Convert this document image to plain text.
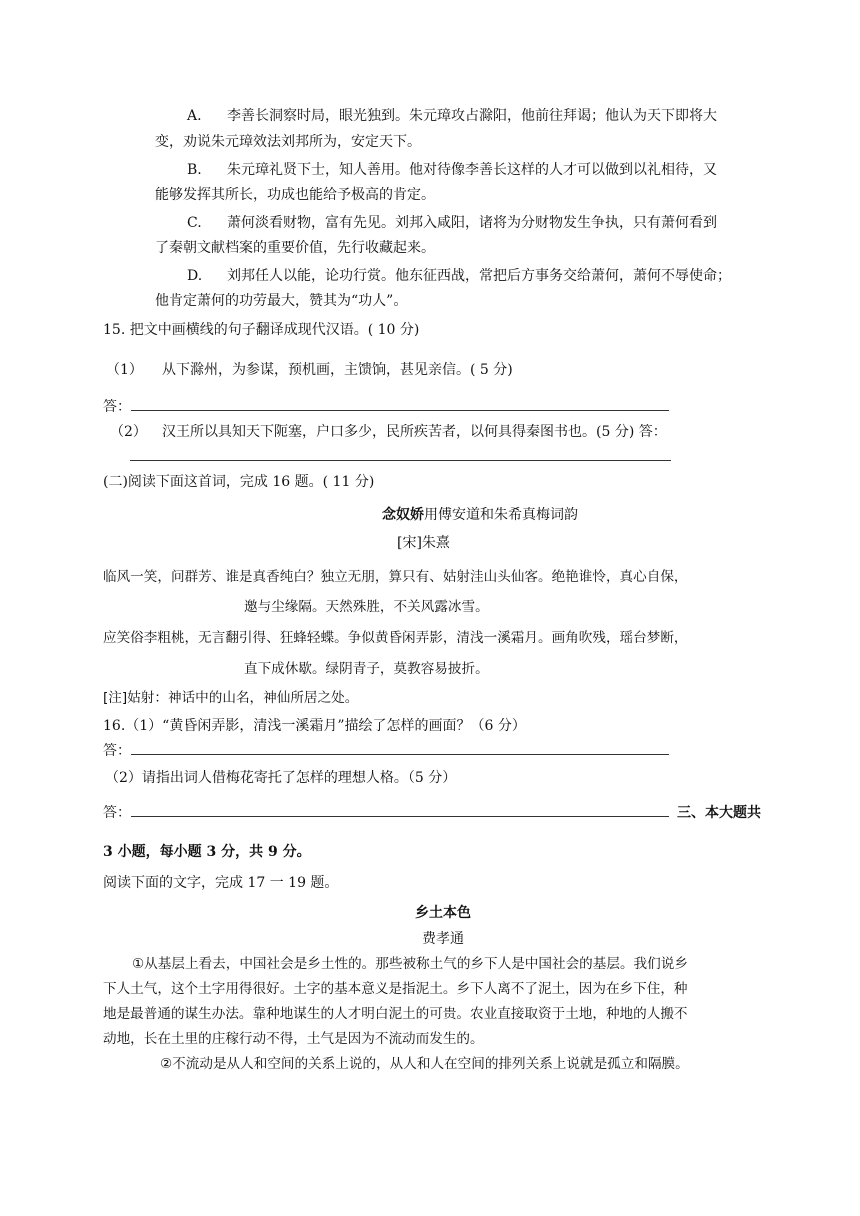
A. 李善长洞察时局，眼光独到。朱元璋攻占滁阳，他前往拜谒；他认为天下即将大
变，劝说朱元璋效法刘邦所为，安定天下。
B. 朱元璋礼贤下士，知人善用。他对待像李善长这样的人才可以做到以礼相待，又
能够发挥其所长，功成也能给予极高的肯定。
C. 萧何淡看财物，富有先见。刘邦入咸阳，诸将为分财物发生争执，只有萧何看到
了秦朝文献档案的重要价值，先行收藏起来。
D. 刘邦任人以能，论功行赏。他东征西战，常把后方事务交给萧何，萧何不辱使命；
他肯定萧何的功劳最大，赞其为“功人”。
15. 把文中画横线的句子翻译成现代汉语。( 10 分)
（1） 从下滁州，为参谋，预机画，主馈饷，甚见亲信。( 5 分)
答：
（2） 汉王所以具知天下阨塞，户口多少，民所疾苦者，以何具得秦图书也。(5 分) 答：
(二)阅读下面这首词，完成 16 题。( 11 分)
念奴娇用傅安道和朱希真梅词韵
[宋]朱熹
临风一笑，问群芳、谁是真香纯白？独立无朋，算只有、姑射洼山头仙客。绝艳谁怜，真心自保，
邀与尘缘隔。天然殊胜，不关风露冰雪。
应笑俗李粗桃，无言翻引得、狂蜂轻蝶。争似黄昏闲弄影，清浅一溪霜月。画角吹残，瑶台梦断，
直下成休歇。绿阴青子，莫教容易披折。
[注]姑射：神话中的山名，神仙所居之处。
16.（1）“黄昏闲弄影，清浅一溪霜月”描绘了怎样的画面？（6 分）
答：
（2）请指出词人借梅花寄托了怎样的理想人格。（5 分）
答：	三、本大题共
3 小题，每小题 3 分，共 9 分。
阅读下面的文字，完成 17 一 19 题。
乡土本色
费孝通
①从基层上看去，中国社会是乡土性的。那些被称土气的乡下人是中国社会的基层。我们说乡
下人土气，这个土字用得很好。土字的基本意义是指泥土。乡下人离不了泥土，因为在乡下住，种
地是最普通的谋生办法。靠种地谋生的人才明白泥土的可贵。农业直接取资于土地，种地的人搬不
动地，长在土里的庄稼行动不得，土气是因为不流动而发生的。
②不流动是从人和空间的关系上说的，从人和人在空间的排列关系上说就是孤立和隔膜。
